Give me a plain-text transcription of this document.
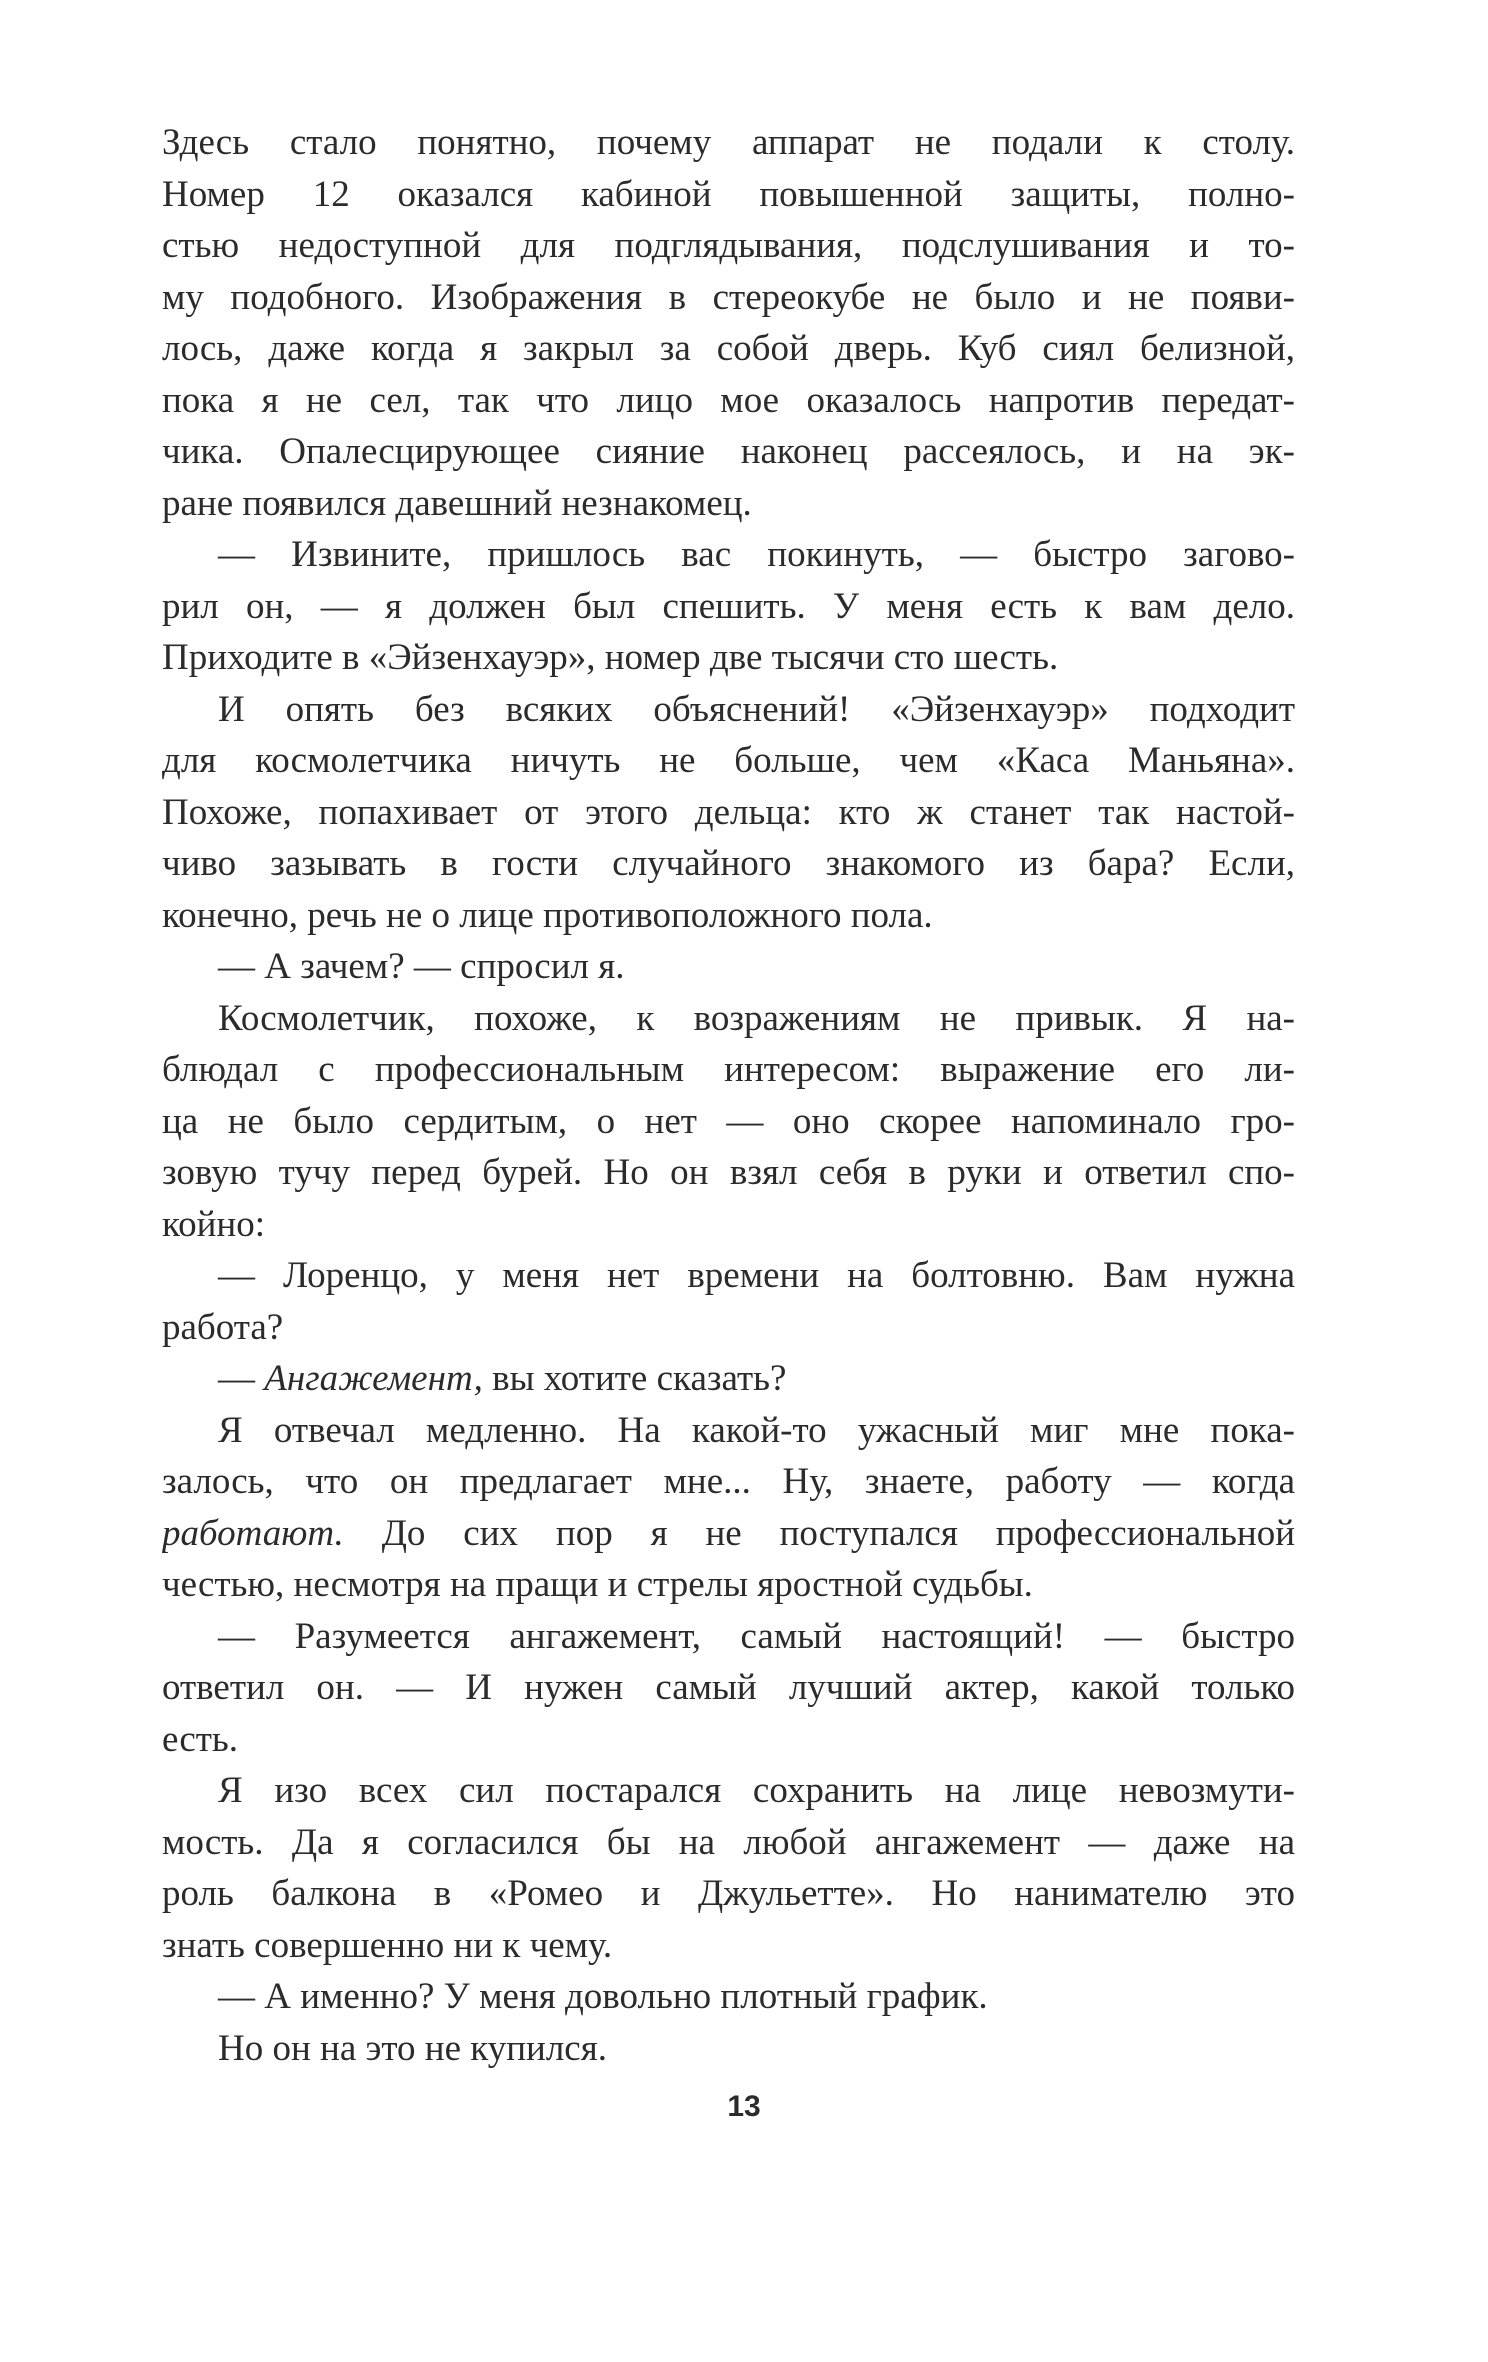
Здесь стало понятно, почему аппарат не подали к столу.
Номер 12 оказался кабиной повышенной защиты, полно-
стью недоступной для подглядывания, подслушивания и то-
му подобного. Изображения в стереокубе не было и не появи-
лось, даже когда я закрыл за собой дверь. Куб сиял белизной,
пока я не сел, так что лицо мое оказалось напротив передат-
чика. Опалесцирующее сияние наконец рассеялось, и на эк-
ране появился давешний незнакомец.
— Извините, пришлось вас покинуть, — быстро загово-
рил он, — я должен был спешить. У меня есть к вам дело.
Приходите в «Эйзенхауэр», номер две тысячи сто шесть.
И опять без всяких объяснений! «Эйзенхауэр» подходит
для космолетчика ничуть не больше, чем «Каса Маньяна».
Похоже, попахивает от этого дельца: кто ж станет так настой-
чиво зазывать в гости случайного знакомого из бара? Если,
конечно, речь не о лице противоположного пола.
— А зачем? — спросил я.
Космолетчик, похоже, к возражениям не привык. Я на-
блюдал с профессиональным интересом: выражение его ли-
ца не было сердитым, о нет — оно скорее напоминало гро-
зовую тучу перед бурей. Но он взял себя в руки и ответил спо-
койно:
— Лоренцо, у меня нет времени на болтовню. Вам нужна
работа?
— Ангажемент, вы хотите сказать?
Я отвечал медленно. На какой-то ужасный миг мне пока-
залось, что он предлагает мне... Ну, знаете, работу — когда
работают. До сих пор я не поступался профессиональной
честью, несмотря на пращи и стрелы яростной судьбы.
— Разумеется ангажемент, самый настоящий! — быстро
ответил он. — И нужен самый лучший актер, какой только
есть.
Я изо всех сил постарался сохранить на лице невозмути-
мость. Да я согласился бы на любой ангажемент — даже на
роль балкона в «Ромео и Джульетте». Но нанимателю это
знать совершенно ни к чему.
— А именно? У меня довольно плотный график.
Но он на это не купился.
13
